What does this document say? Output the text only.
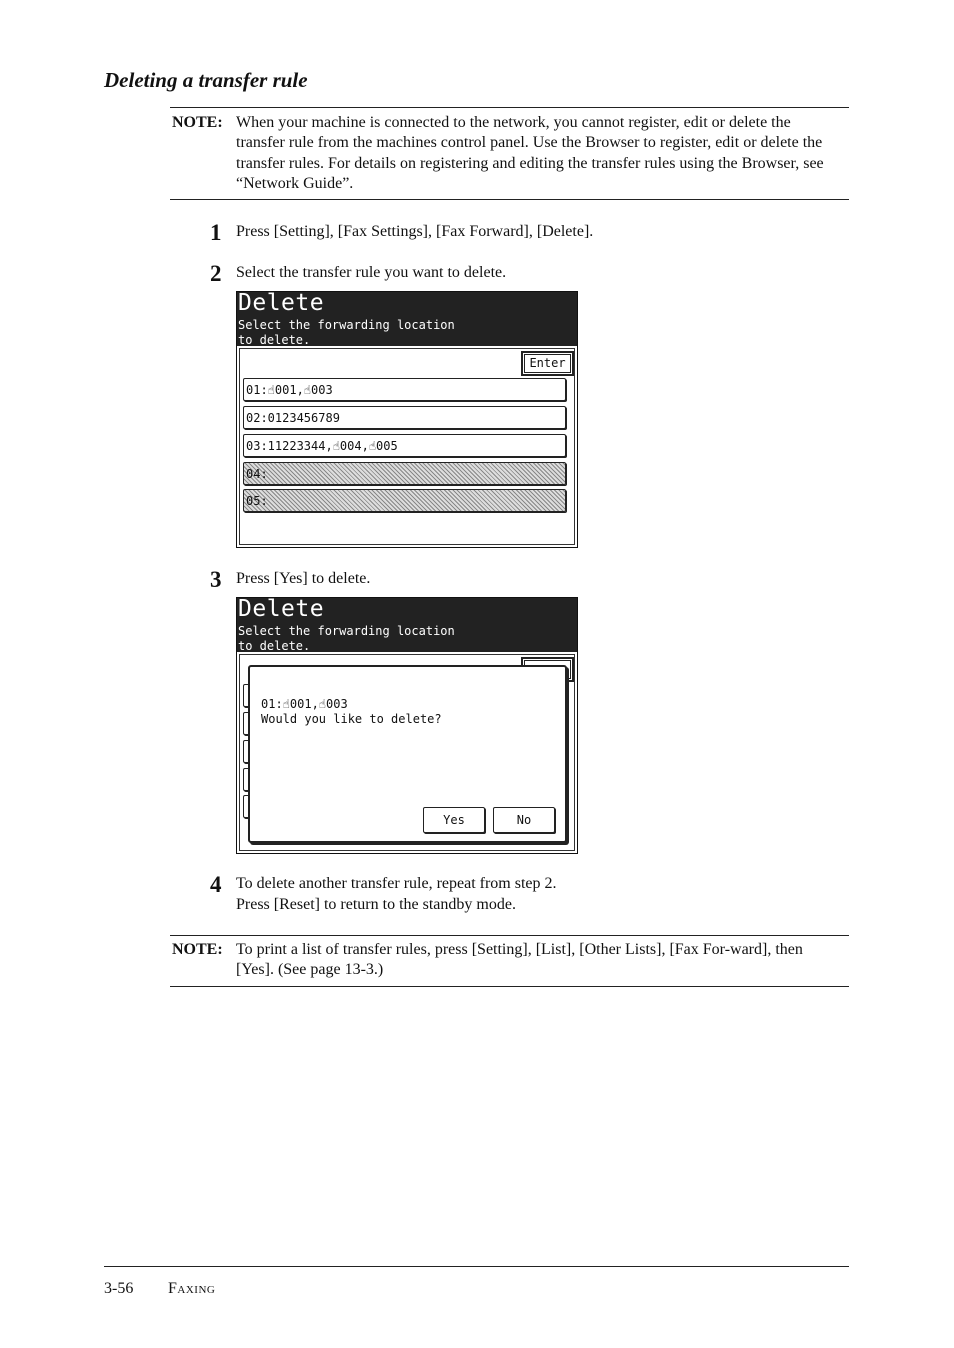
Deleting a transfer rule
NOTE: When your machine is connected to the network, you cannot register, edit or delete the transfer rule from the machines control panel. Use the Browser to register, edit or delete the transfer rules. For details on registering and editing the transfer rules using the Browser, see “Network Guide”.
1 Press [Setting], [Fax Settings], [Fax Forward], [Delete].
2 Select the transfer rule you want to delete.
Delete
Select the forwarding location
to delete.
Enter
01:☝001,☝003
02:0123456789
03:11223344,☝004,☝005
04:
05:
3 Press [Yes] to delete.
Delete
Select the forwarding location
to delete.
01:☝001,☝003
Would you like to delete?
Yes	No
4 To delete another transfer rule, repeat from step 2.
Press [Reset] to return to the standby mode.
NOTE: To print a list of transfer rules, press [Setting], [List], [Other Lists], [Fax For-ward], then [Yes]. (See page 13-3.)
3-56 Faxing
